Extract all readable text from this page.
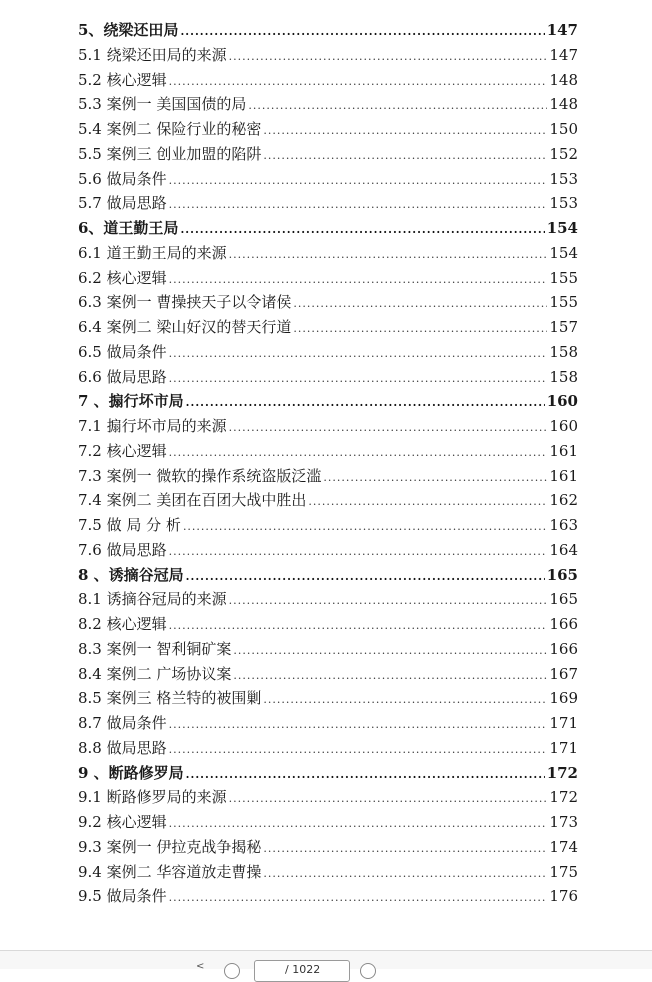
5、绕梁还田局 .....	147
5.1 绕梁还田局的来源 .....	147
5.2 核心逻辑 .....	148
5.3 案例一 美国国债的局 .....	148
5.4 案例二 保险行业的秘密 .....	150
5.5 案例三 创业加盟的陷阱 .....	152
5.6 做局条件 .....	153
5.7 做局思路 .....	153
6、道王勤王局 .....	154
6.1 道王勤王局的来源 .....	154
6.2 核心逻辑 .....	155
6.3 案例一 曹操挟天子以令诸侯 .....	155
6.4 案例二 梁山好汉的替天行道 .....	157
6.5 做局条件 .....	158
6.6 做局思路 .....	158
7 、搧行坏市局 .....	160
7.1 搧行坏市局的来源 .....	160
7.2 核心逻辑 .....	161
7.3 案例一 微软的操作系统盗版泛滥 .....	161
7.4 案例二 美团在百团大战中胜出 .....	162
7.5 做 局 分 析 .....	163
7.6 做局思路 .....	164
8 、诱摘谷冠局 .....	165
8.1 诱摘谷冠局的来源 .....	165
8.2 核心逻辑 .....	166
8.3 案例一 智利铜矿案 .....	166
8.4 案例二 广场协议案 .....	167
8.5 案例三 格兰特的被围剿 .....	169
8.7 做局条件 .....	171
8.8 做局思路 .....	171
9 、断路修罗局 .....	172
9.1 断路修罗局的来源 .....	172
9.2 核心逻辑 .....	173
9.3 案例一 伊拉克战争揭秘 .....	174
9.4 案例二 华容道放走曹操 .....	175
9.5 做局条件 .....	176
<	/ 1022
